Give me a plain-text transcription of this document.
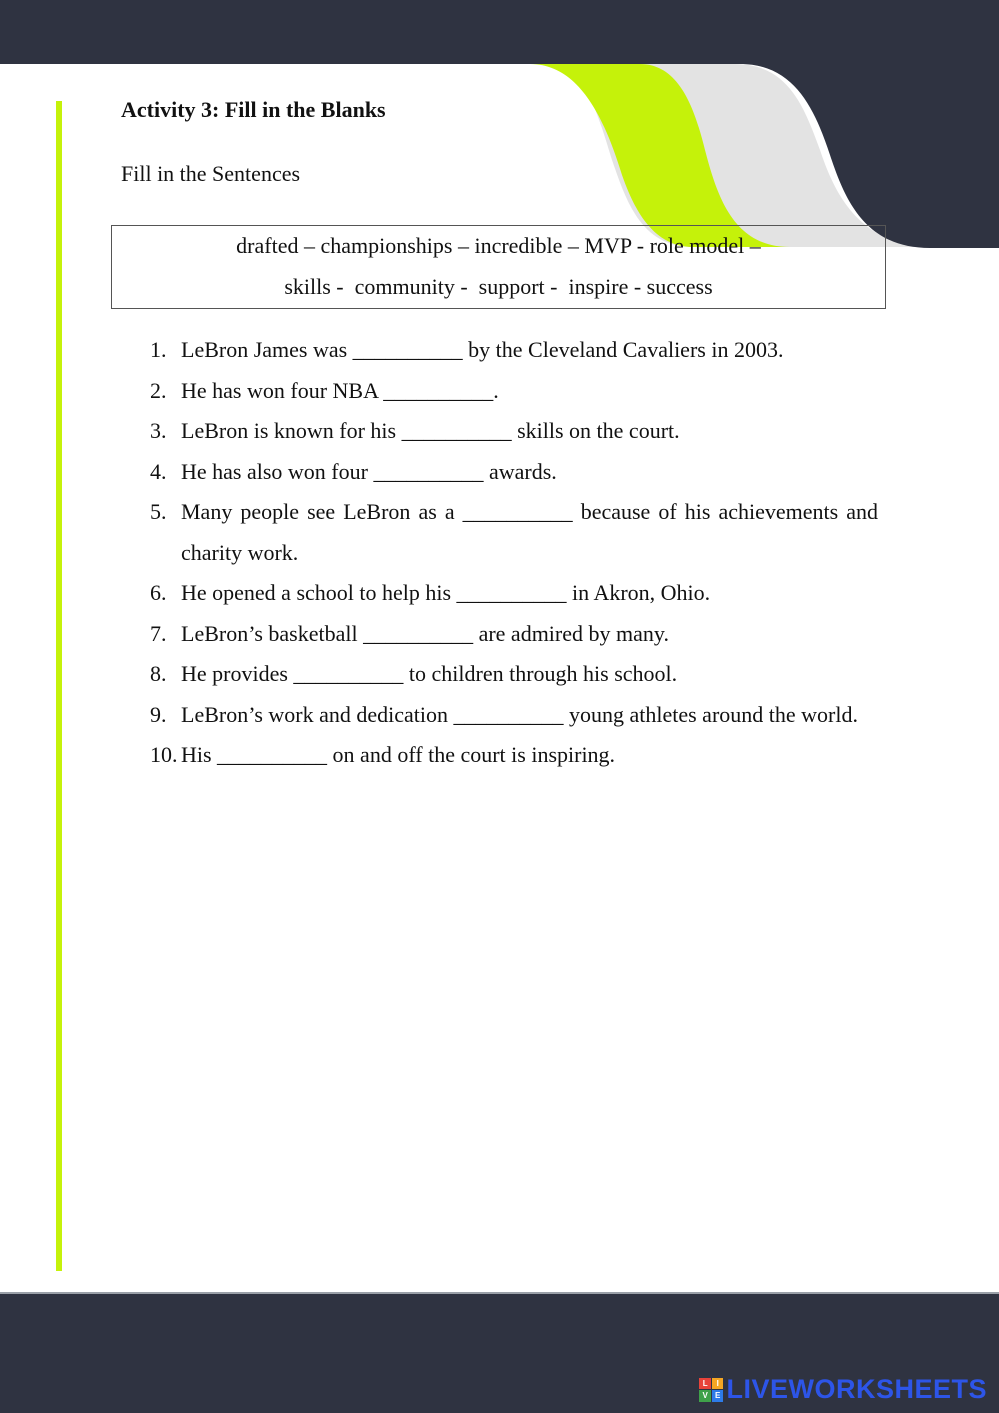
Activity 3: Fill in the Blanks

Fill in the Sentences

drafted – championships – incredible – MVP - role model –
skills -  community -  support -  inspire - success
1. LeBron James was __________ by the Cleveland Cavaliers in 2003.
2. He has won four NBA __________.
3. LeBron is known for his __________ skills on the court.
4. He has also won four __________ awards.
5. Many people see LeBron as a __________ because of his achievements and charity work.
6. He opened a school to help his __________ in Akron, Ohio.
7. LeBron’s basketball __________ are admired by many.
8. He provides __________ to children through his school.
9. LeBron’s work and dedication __________ young athletes around the world.
10. His __________ on and off the court is inspiring.
L	I
V E LIVEWORKSHEETS
